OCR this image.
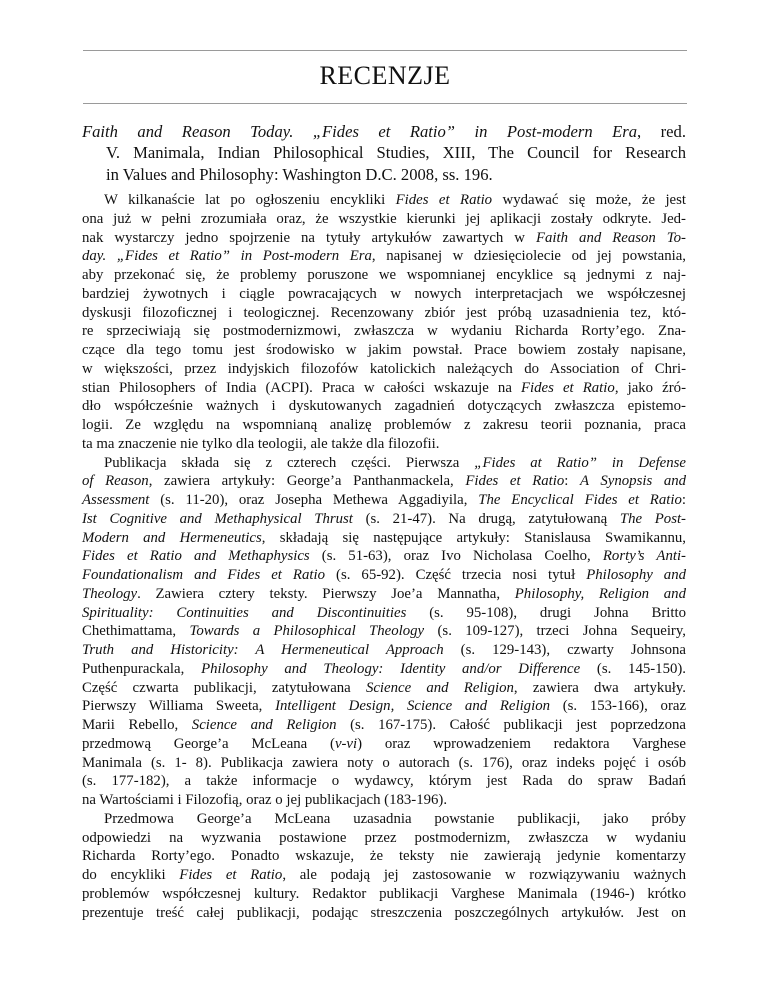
RECENZJE
Faith and Reason Today. „Fides et Ratio” in Post-modern Era, red.
V. Manimala, Indian Philosophical Studies, XIII, The Council for Research
in Values and Philosophy: Washington D.C. 2008, ss. 196.
W kilkanaście lat po ogłoszeniu encykliki Fides et Ratio wydawać się może, że jest
ona już w pełni zrozumiała oraz, że wszystkie kierunki jej aplikacji zostały odkryte. Jed-
nak wystarczy jedno spojrzenie na tytuły artykułów zawartych w Faith and Reason To-
day. „Fides et Ratio” in Post-modern Era, napisanej w dziesięciolecie od jej powstania,
aby przekonać się, że problemy poruszone we wspomnianej encyklice są jednymi z naj-
bardziej żywotnych i ciągle powracających w nowych interpretacjach we współczesnej
dyskusji filozoficznej i teologicznej. Recenzowany zbiór jest próbą uzasadnienia tez, któ-
re sprzeciwiają się postmodernizmowi, zwłaszcza w wydaniu Richarda Rorty’ego. Zna-
czące dla tego tomu jest środowisko w jakim powstał. Prace bowiem zostały napisane,
w większości, przez indyjskich filozofów katolickich należących do Association of Chri-
stian Philosophers of India (ACPI). Praca w całości wskazuje na Fides et Ratio, jako źró-
dło współcześnie ważnych i dyskutowanych zagadnień dotyczących zwłaszcza epistemo-
logii. Ze względu na wspomnianą analizę problemów z zakresu teorii poznania, praca
ta ma znaczenie nie tylko dla teologii, ale także dla filozofii.
Publikacja składa się z czterech części. Pierwsza „Fides at Ratio” in Defense
of Reason, zawiera artykuły: George’a Panthanmackela, Fides et Ratio: A Synopsis and
Assessment (s. 11-20), oraz Josepha Methewa Aggadiyila, The Encyclical Fides et Ratio:
Ist Cognitive and Methaphysical Thrust (s. 21-47). Na drugą, zatytułowaną The Post-
Modern and Hermeneutics, składają się następujące artykuły: Stanislausa Swamikannu,
Fides et Ratio and Methaphysics (s. 51-63), oraz Ivo Nicholasa Coelho, Rorty’s Anti-
Foundationalism and Fides et Ratio (s. 65-92). Część trzecia nosi tytuł Philosophy and
Theology. Zawiera cztery teksty. Pierwszy Joe’a Mannatha, Philosophy, Religion and
Spirituality: Continuities and Discontinuities (s. 95-108), drugi Johna Britto
Chethimattama, Towards a Philosophical Theology (s. 109-127), trzeci Johna Sequeiry,
Truth and Historicity: A Hermeneutical Approach (s. 129-143), czwarty Johnsona
Puthenpurackala, Philosophy and Theology: Identity and/or Difference (s. 145-150).
Część czwarta publikacji, zatytułowana Science and Religion, zawiera dwa artykuły.
Pierwszy Williama Sweeta, Intelligent Design, Science and Religion (s. 153-166), oraz
Marii Rebello, Science and Religion (s. 167-175). Całość publikacji jest poprzedzona
przedmową George’a McLeana (v-vi) oraz wprowadzeniem redaktora Varghese
Manimala (s. 1- 8). Publikacja zawiera noty o autorach (s. 176), oraz indeks pojęć i osób
(s. 177-182), a także informacje o wydawcy, którym jest Rada do spraw Badań
na Wartościami i Filozofią, oraz o jej publikacjach (183-196).
Przedmowa George’a McLeana uzasadnia powstanie publikacji, jako próby
odpowiedzi na wyzwania postawione przez postmodernizm, zwłaszcza w wydaniu
Richarda Rorty’ego. Ponadto wskazuje, że teksty nie zawierają jedynie komentarzy
do encykliki Fides et Ratio, ale podają jej zastosowanie w rozwiązywaniu ważnych
problemów współczesnej kultury. Redaktor publikacji Varghese Manimala (1946-) krótko
prezentuje treść całej publikacji, podając streszczenia poszczególnych artykułów. Jest on
